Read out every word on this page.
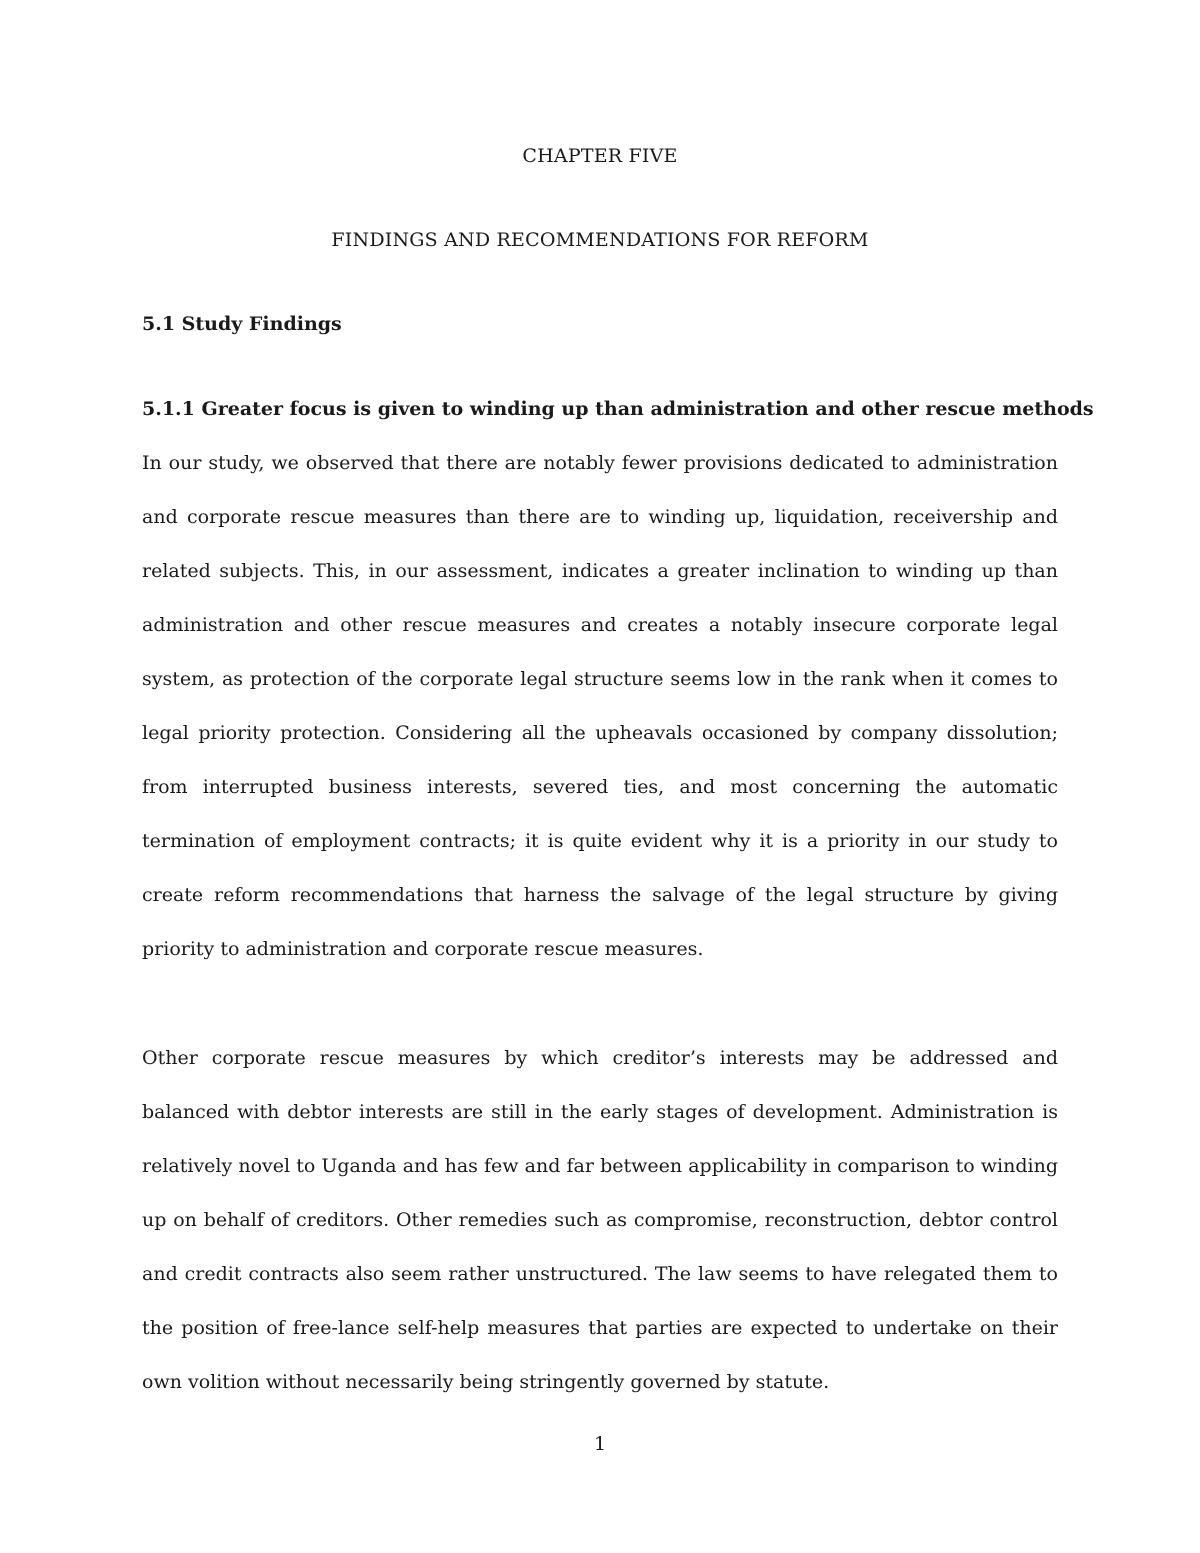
CHAPTER FIVE
FINDINGS AND RECOMMENDATIONS FOR REFORM
5.1 Study Findings
5.1.1 Greater focus is given to winding up than administration and other rescue methods

In our study, we observed that there are notably fewer provisions dedicated to administration and corporate rescue measures than there are to winding up, liquidation, receivership and related subjects. This, in our assessment, indicates a greater inclination to winding up than administration and other rescue measures and creates a notably insecure corporate legal system, as protection of the corporate legal structure seems low in the rank when it comes to legal priority protection. Considering all the upheavals occasioned by company dissolution; from interrupted business interests, severed ties, and most concerning the automatic termination of employment contracts; it is quite evident why it is a priority in our study to create reform recommendations that harness the salvage of the legal structure by giving priority to administration and corporate rescue measures.

Other corporate rescue measures by which creditor’s interests may be addressed and balanced with debtor interests are still in the early stages of development. Administration is relatively novel to Uganda and has few and far between applicability in comparison to winding up on behalf of creditors. Other remedies such as compromise, reconstruction, debtor control and credit contracts also seem rather unstructured. The law seems to have relegated them to the position of free-lance self-help measures that parties are expected to undertake on their own volition without necessarily being stringently governed by statute.

1
